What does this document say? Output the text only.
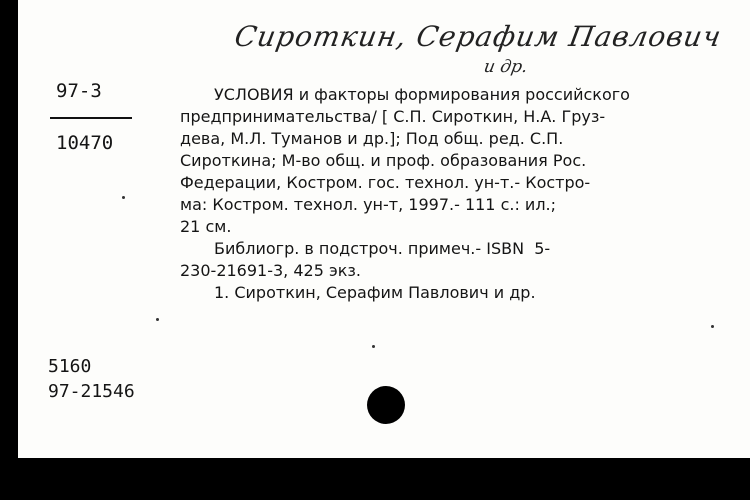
Сироткин, Серафим Павлович
и др.
97-3
10470
УСЛОВИЯ и факторы формирования российского
предпринимательства/ [ С.П. Сироткин, Н.А. Груз-
дева, М.Л. Туманов и др.]; Под общ. ред. С.П.
Сироткина; М-во общ. и проф. образования Рос.
Федерации, Костром. гос. технол. ун-т.- Костро-
ма: Костром. технол. ун-т, 1997.- 111 с.: ил.;
21 см.
Библиогр. в подстроч. примеч.- ISBN  5-
230-21691-3, 425 экз.
1. Сироткин, Серафим Павлович и др.
5160
97-21546
